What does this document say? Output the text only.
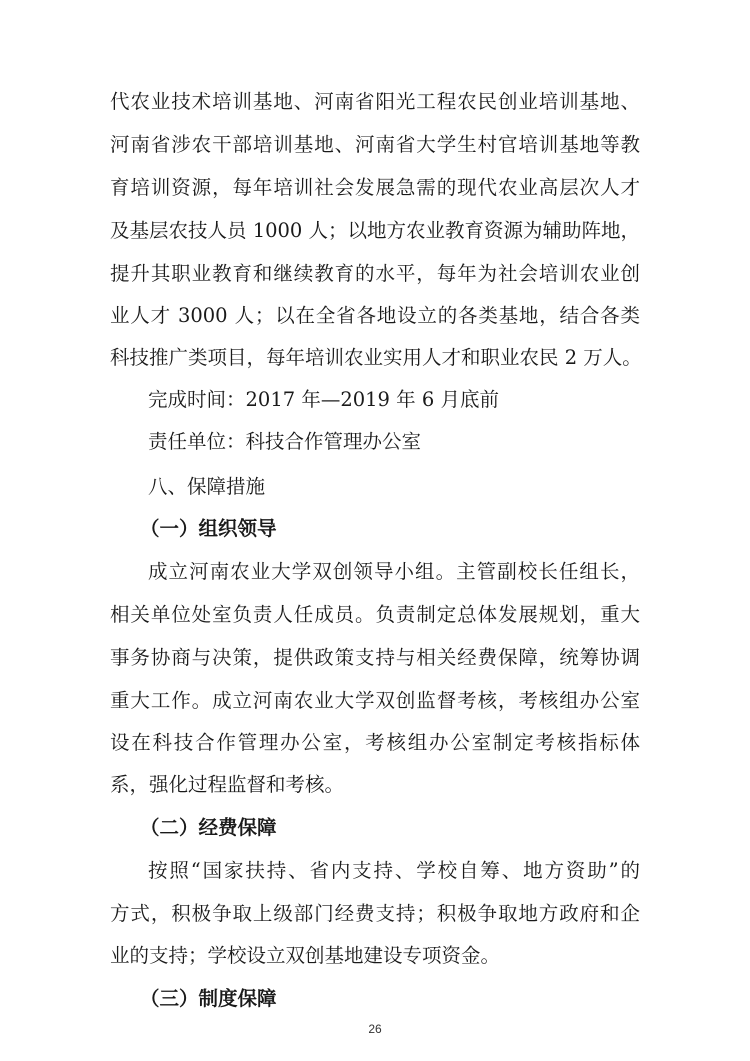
代农业技术培训基地、河南省阳光工程农民创业培训基地、
河南省涉农干部培训基地、河南省大学生村官培训基地等教
育培训资源，每年培训社会发展急需的现代农业高层次人才
及基层农技人员 1000 人；以地方农业教育资源为辅助阵地，
提升其职业教育和继续教育的水平，每年为社会培训农业创
业人才 3000 人；以在全省各地设立的各类基地，结合各类
科技推广类项目，每年培训农业实用人才和职业农民 2 万人。
完成时间：2017 年—2019 年 6 月底前
责任单位：科技合作管理办公室
八、保障措施
（一）组织领导
成立河南农业大学双创领导小组。主管副校长任组长，
相关单位处室负责人任成员。负责制定总体发展规划，重大
事务协商与决策，提供政策支持与相关经费保障，统筹协调
重大工作。成立河南农业大学双创监督考核，考核组办公室
设在科技合作管理办公室，考核组办公室制定考核指标体
系，强化过程监督和考核。
（二）经费保障
按照“国家扶持、省内支持、学校自筹、地方资助”的
方式，积极争取上级部门经费支持；积极争取地方政府和企
业的支持；学校设立双创基地建设专项资金。
（三）制度保障
26
